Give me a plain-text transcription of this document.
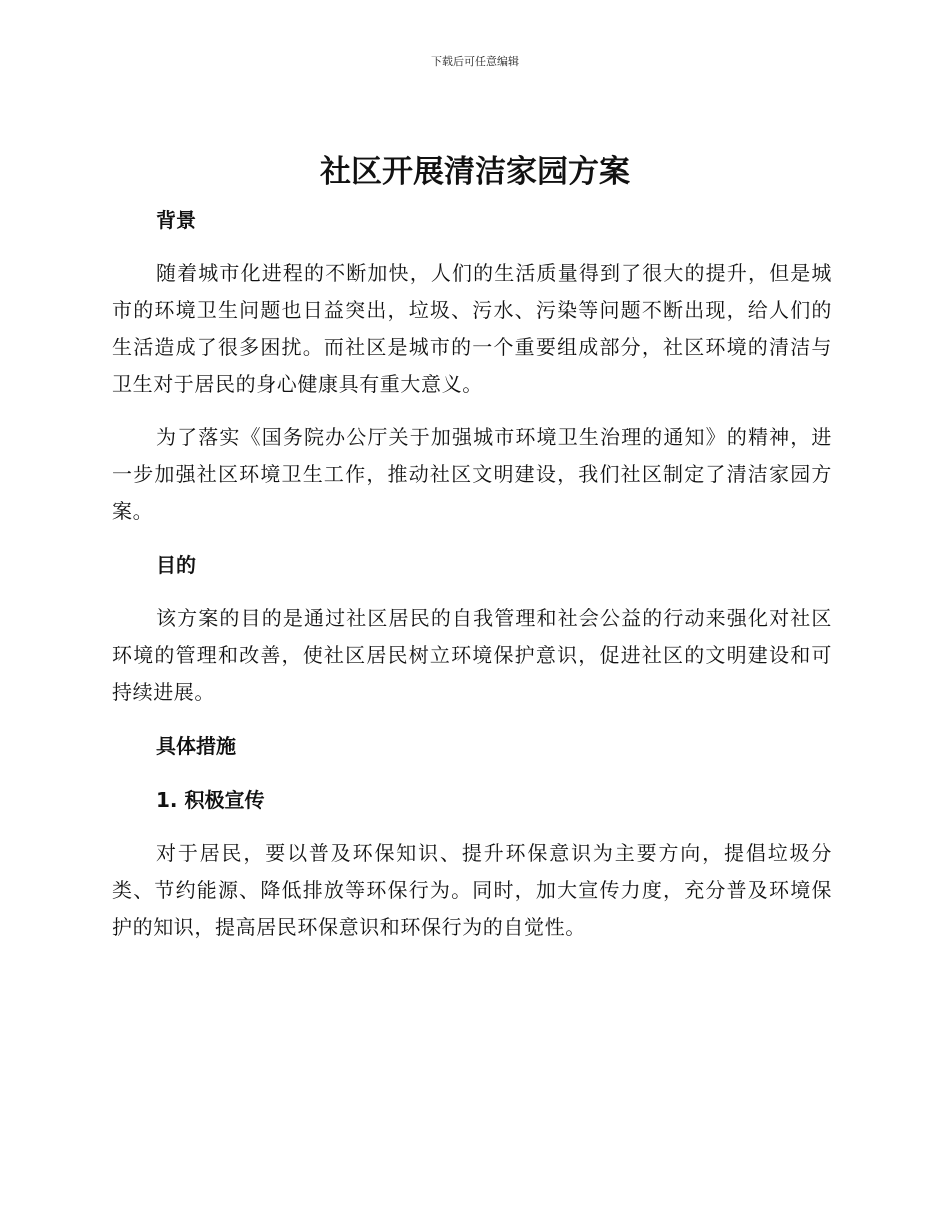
下载后可任意编辑
社区开展清洁家园方案
背景

随着城市化进程的不断加快，人们的生活质量得到了很大的提升，但是城市的环境卫生问题也日益突出，垃圾、污水、污染等问题不断出现，给人们的生活造成了很多困扰。而社区是城市的一个重要组成部分，社区环境的清洁与卫生对于居民的身心健康具有重大意义。

为了落实《国务院办公厅关于加强城市环境卫生治理的通知》的精神，进一步加强社区环境卫生工作，推动社区文明建设，我们社区制定了清洁家园方案。

目的

该方案的目的是通过社区居民的自我管理和社会公益的行动来强化对社区环境的管理和改善，使社区居民树立环境保护意识，促进社区的文明建设和可持续进展。

具体措施
1. 积极宣传

对于居民，要以普及环保知识、提升环保意识为主要方向，提倡垃圾分类、节约能源、降低排放等环保行为。同时，加大宣传力度，充分普及环境保护的知识，提高居民环保意识和环保行为的自觉性。
